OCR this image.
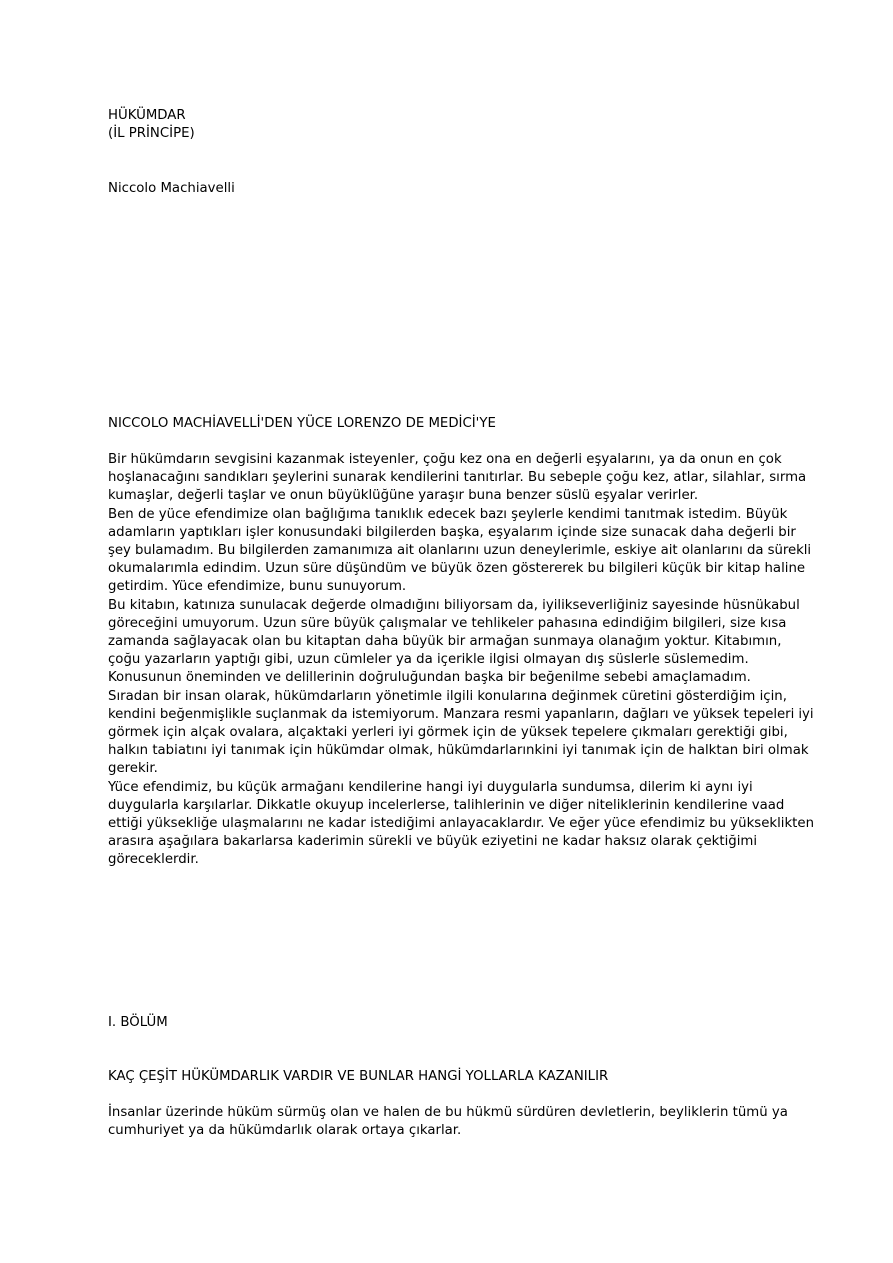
HÜKÜMDAR
(İL PRİNCİPE)
Niccolo Machiavelli
NICCOLO MACHİAVELLİ'DEN YÜCE LORENZO DE MEDİCİ'YE
Bir hükümdarın sevgisini kazanmak isteyenler, çoğu kez ona en değerli eşyalarını, ya da onun en çok
hoşlanacağını sandıkları şeylerini sunarak kendilerini tanıtırlar. Bu sebeple çoğu kez, atlar, silahlar, sırma
kumaşlar, değerli taşlar ve onun büyüklüğüne yaraşır buna benzer süslü eşyalar verirler.
Ben de yüce efendimize olan bağlığıma tanıklık edecek bazı şeylerle kendimi tanıtmak istedim. Büyük
adamların yaptıkları işler konusundaki bilgilerden başka, eşyalarım içinde size sunacak daha değerli bir
şey bulamadım. Bu bilgilerden zamanımıza ait olanlarını uzun deneylerimle, eskiye ait olanlarını da sürekli
okumalarımla edindim. Uzun süre düşündüm ve büyük özen göstererek bu bilgileri küçük bir kitap haline
getirdim. Yüce efendimize, bunu sunuyorum.
Bu kitabın, katınıza sunulacak değerde olmadığını biliyorsam da, iyilikseverliğiniz sayesinde hüsnükabul
göreceğini umuyorum. Uzun süre büyük çalışmalar ve tehlikeler pahasına edindiğim bilgileri, size kısa
zamanda sağlayacak olan bu kitaptan daha büyük bir armağan sunmaya olanağım yoktur. Kitabımın,
çoğu yazarların yaptığı gibi, uzun cümleler ya da içerikle ilgisi olmayan dış süslerle süslemedim.
Konusunun öneminden ve delillerinin doğruluğundan başka bir beğenilme sebebi amaçlamadım.
Sıradan bir insan olarak, hükümdarların yönetimle ilgili konularına değinmek cüretini gösterdiğim için,
kendini beğenmişlikle suçlanmak da istemiyorum. Manzara resmi yapanların, dağları ve yüksek tepeleri iyi
görmek için alçak ovalara, alçaktaki yerleri iyi görmek için de yüksek tepelere çıkmaları gerektiği gibi,
halkın tabiatını iyi tanımak için hükümdar olmak, hükümdarlarınkini iyi tanımak için de halktan biri olmak
gerekir.
Yüce efendimiz, bu küçük armağanı kendilerine hangi iyi duygularla sundumsa, dilerim ki aynı iyi
duygularla karşılarlar. Dikkatle okuyup incelerlerse, talihlerinin ve diğer niteliklerinin kendilerine vaad
ettiği yüksekliğe ulaşmalarını ne kadar istediğimi anlayacaklardır. Ve eğer yüce efendimiz bu yükseklikten
arasıra aşağılara bakarlarsa kaderimin sürekli ve büyük eziyetini ne kadar haksız olarak çektiğimi
göreceklerdir.
I. BÖLÜM
KAÇ ÇEŞİT HÜKÜMDARLIK VARDIR VE BUNLAR HANGİ YOLLARLA KAZANILIR
İnsanlar üzerinde hüküm sürmüş olan ve halen de bu hükmü sürdüren devletlerin, beyliklerin tümü ya
cumhuriyet ya da hükümdarlık olarak ortaya çıkarlar.
